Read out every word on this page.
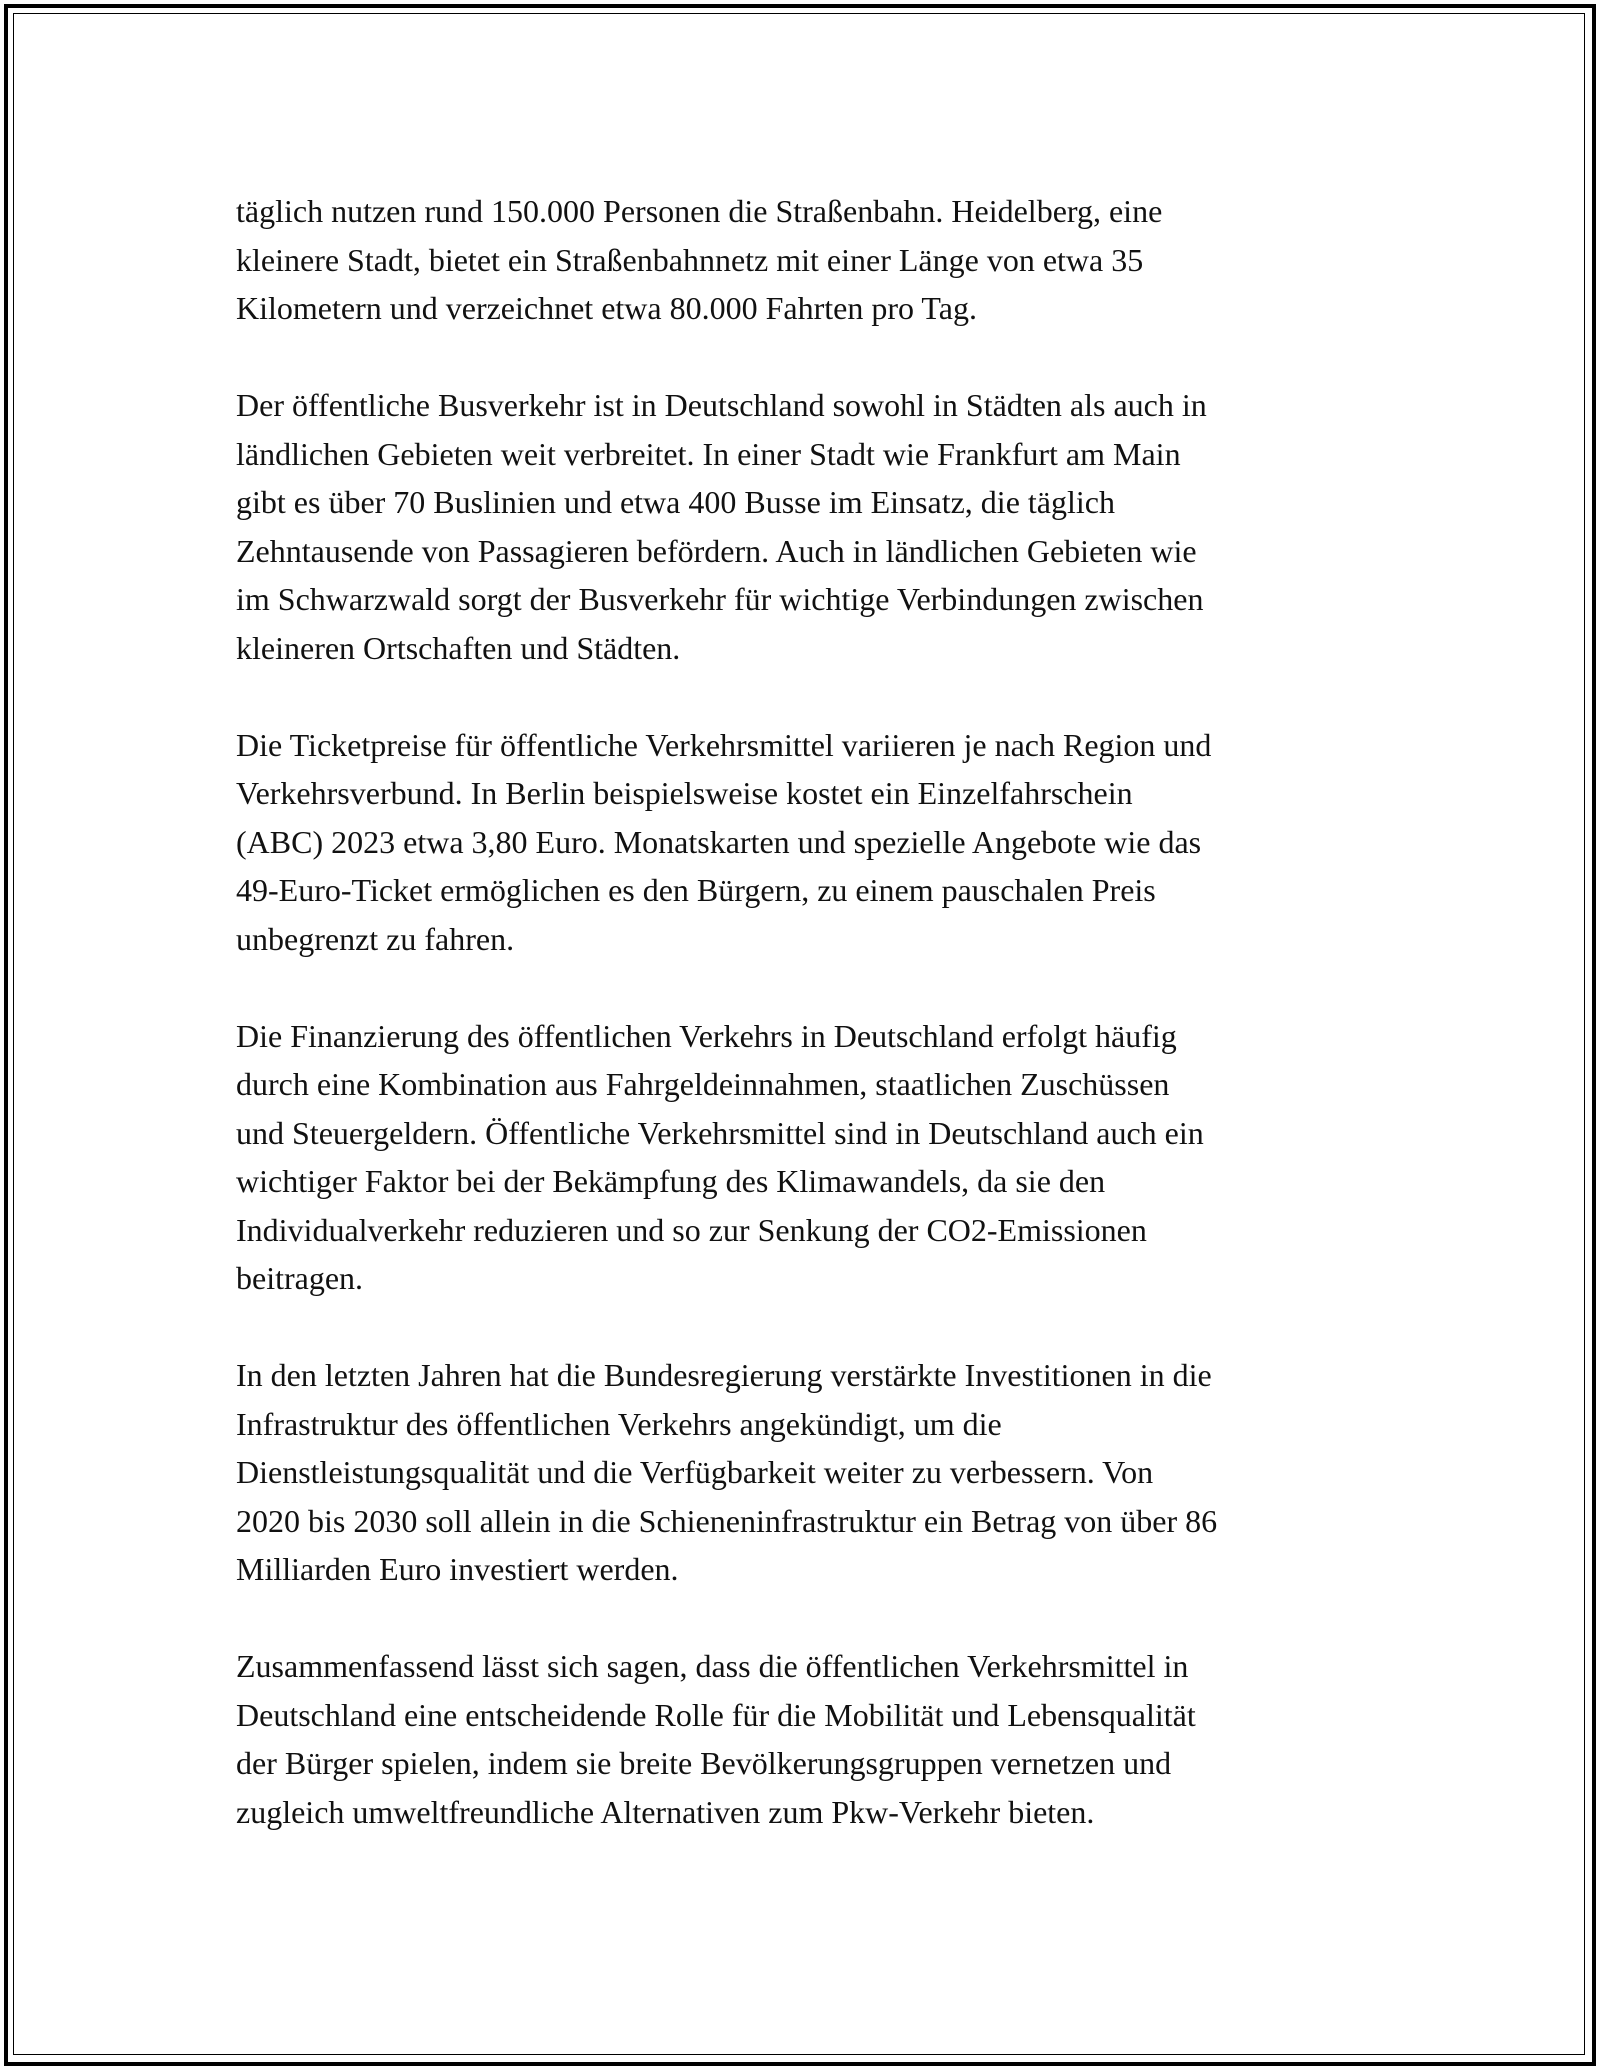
täglich nutzen rund 150.000 Personen die Straßenbahn. Heidelberg, eine
kleinere Stadt, bietet ein Straßenbahnnetz mit einer Länge von etwa 35
Kilometern und verzeichnet etwa 80.000 Fahrten pro Tag.

Der öffentliche Busverkehr ist in Deutschland sowohl in Städten als auch in
ländlichen Gebieten weit verbreitet. In einer Stadt wie Frankfurt am Main
gibt es über 70 Buslinien und etwa 400 Busse im Einsatz, die täglich
Zehntausende von Passagieren befördern. Auch in ländlichen Gebieten wie
im Schwarzwald sorgt der Busverkehr für wichtige Verbindungen zwischen
kleineren Ortschaften und Städten.

Die Ticketpreise für öffentliche Verkehrsmittel variieren je nach Region und
Verkehrsverbund. In Berlin beispielsweise kostet ein Einzelfahrschein
(ABC) 2023 etwa 3,80 Euro. Monatskarten und spezielle Angebote wie das
49-Euro-Ticket ermöglichen es den Bürgern, zu einem pauschalen Preis
unbegrenzt zu fahren.

Die Finanzierung des öffentlichen Verkehrs in Deutschland erfolgt häufig
durch eine Kombination aus Fahrgeldeinnahmen, staatlichen Zuschüssen
und Steuergeldern. Öffentliche Verkehrsmittel sind in Deutschland auch ein
wichtiger Faktor bei der Bekämpfung des Klimawandels, da sie den
Individualverkehr reduzieren und so zur Senkung der CO2-Emissionen
beitragen.

In den letzten Jahren hat die Bundesregierung verstärkte Investitionen in die
Infrastruktur des öffentlichen Verkehrs angekündigt, um die
Dienstleistungsqualität und die Verfügbarkeit weiter zu verbessern. Von
2020 bis 2030 soll allein in die Schieneninfrastruktur ein Betrag von über 86
Milliarden Euro investiert werden.

Zusammenfassend lässt sich sagen, dass die öffentlichen Verkehrsmittel in
Deutschland eine entscheidende Rolle für die Mobilität und Lebensqualität
der Bürger spielen, indem sie breite Bevölkerungsgruppen vernetzen und
zugleich umweltfreundliche Alternativen zum Pkw-Verkehr bieten.
